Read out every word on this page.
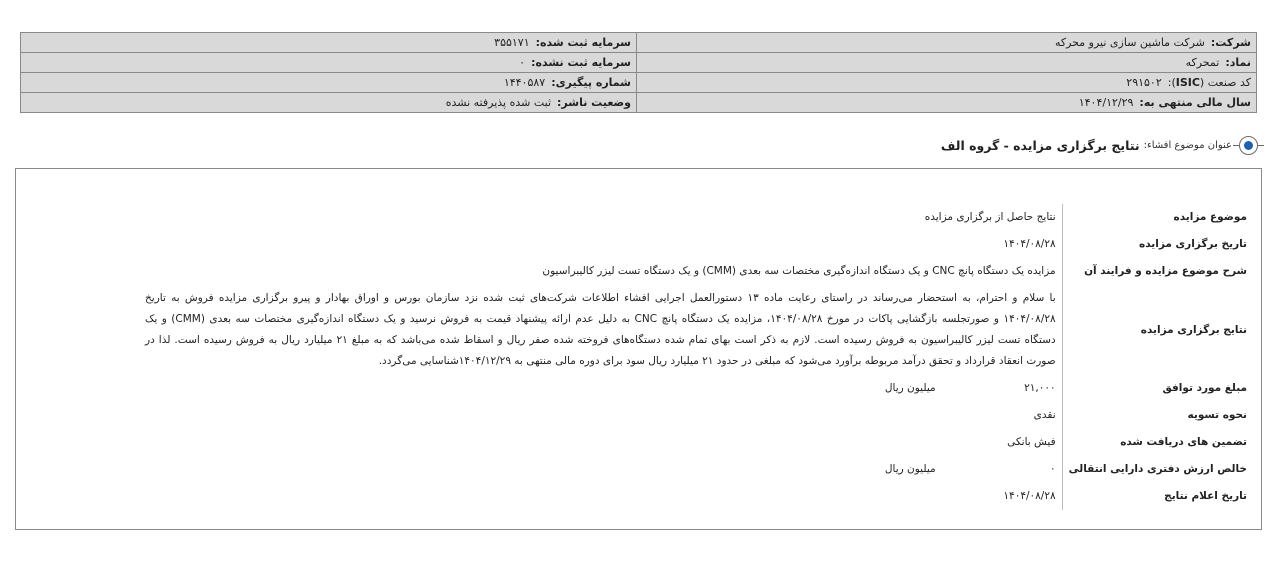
شرکت:شرکت ماشین سازی نیرو محرکه	سرمایه ثبت شده:۳۵۵۱۷۱
نماد:تمحرکه	سرمایه ثبت نشده:۰
کد صنعت (ISIC):۲۹۱۵۰۲	شماره پیگیری:۱۴۴۰۵۸۷
سال مالی منتهی به:۱۴۰۴/۱۲/۲۹	وضعیت ناشر:ثبت شده پذیرفته نشده
عنوان موضوع افشاء:
نتایج برگزاری مزایده - گروه الف
موضوع مزایده	نتایج حاصل از برگزاری مزایده
تاریخ برگزاری مزایده	۱۴۰۴/۰۸/۲۸
شرح موضوع مزایده و فرایند آن	مزایده یک دستگاه پانچ CNC و یک دستگاه اندازه‌گیری مختصات سه بعدی (CMM) و یک دستگاه تست لیزر کالیبراسیون
نتایج برگزاری مزایده	با سلام و احترام، به استحضار می‌رساند در راستای رعایت ماده ۱۳ دستورالعمل اجرایی افشاء اطلاعات شرکت‌های ثبت شده نزد سازمان بورس و اوراق بهادار و پیرو برگزاری مزایده فروش به تاریخ ۱۴۰۴/۰۸/۲۸ و صورتجلسه بازگشایی پاکات در مورخ ۱۴۰۴/۰۸/۲۸، مزایده یک دستگاه پانچ CNC به دلیل عدم ارائه پیشنهاد قیمت به فروش نرسید و یک دستگاه اندازه‌گیری مختصات سه بعدی (CMM) و یک دستگاه تست لیزر کالیبراسیون به فروش رسیده است. لازم به ذکر است بهای تمام شده دستگاه‌های فروخته شده صفر ریال و اسقاط شده می‌باشد که به مبلغ ۲۱ میلیارد ریال به فروش رسیده است. لذا در صورت انعقاد قرارداد و تحقق درآمد مربوطه برآورد می‌شود که مبلغی در حدود ۲۱ میلیارد ریال سود برای دوره مالی منتهی به ۱۴۰۴/۱۲/۲۹شناسایی می‌گردد.
مبلغ مورد توافق	۲۱,۰۰۰میلیون ریال
نحوه تسویه	نقدی
تضمین های دریافت شده	فیش بانکی
خالص ارزش دفتری دارایی انتقالی	۰میلیون ریال
تاریخ اعلام نتایج	۱۴۰۴/۰۸/۲۸
